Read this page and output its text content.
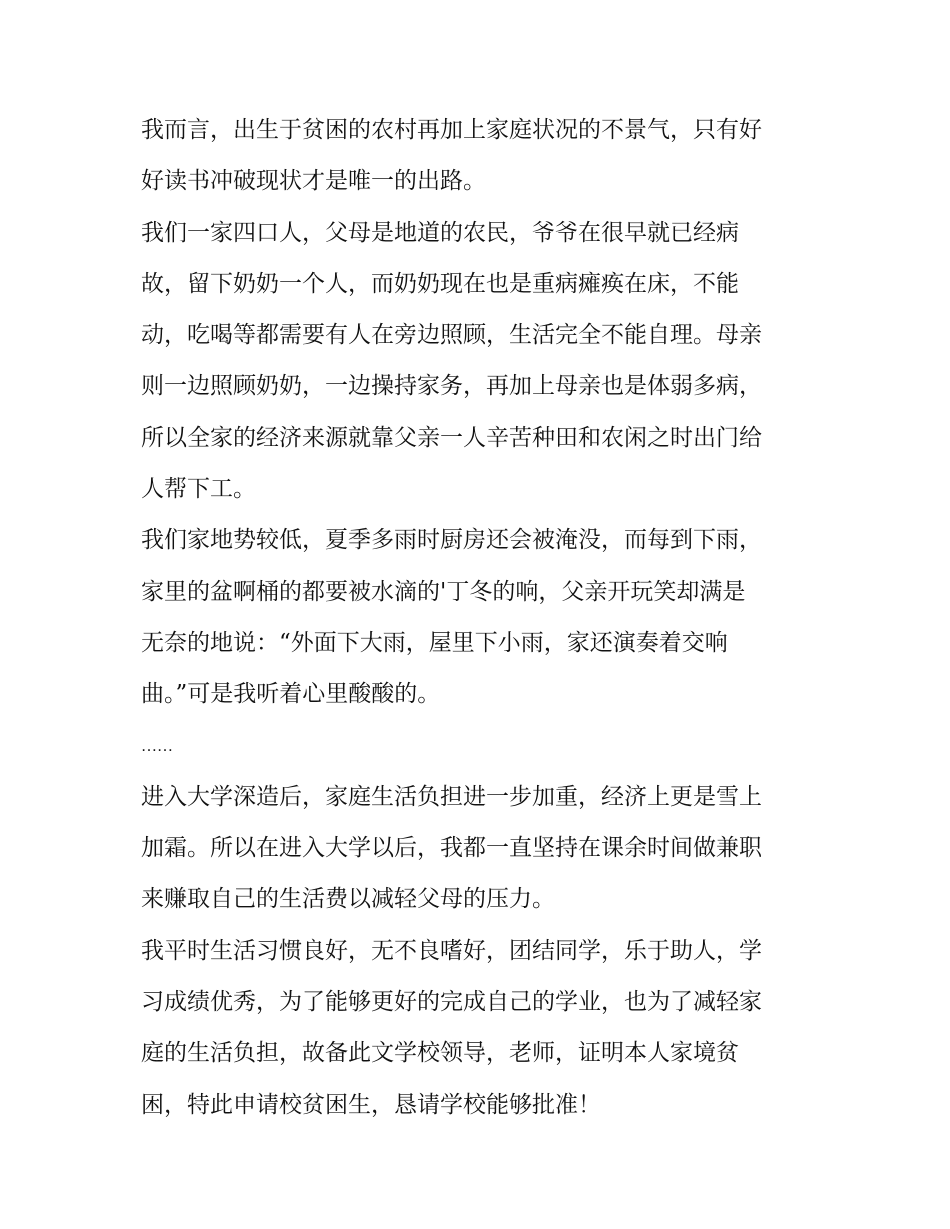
我而言，出生于贫困的农村再加上家庭状况的不景气，只有好
好读书冲破现状才是唯一的出路。
我们一家四口人，父母是地道的农民，爷爷在很早就已经病
故，留下奶奶一个人，而奶奶现在也是重病瘫痪在床，不能
动，吃喝等都需要有人在旁边照顾，生活完全不能自理。母亲
则一边照顾奶奶，一边操持家务，再加上母亲也是体弱多病，
所以全家的经济来源就靠父亲一人辛苦种田和农闲之时出门给
人帮下工。
我们家地势较低，夏季多雨时厨房还会被淹没，而每到下雨，
家里的盆啊桶的都要被水滴的'丁冬的响，父亲开玩笑却满是
无奈的地说：“外面下大雨，屋里下小雨，家还演奏着交响
曲。”可是我听着心里酸酸的。
……
进入大学深造后，家庭生活负担进一步加重，经济上更是雪上
加霜。所以在进入大学以后，我都一直坚持在课余时间做兼职
来赚取自己的生活费以减轻父母的压力。
我平时生活习惯良好，无不良嗜好，团结同学，乐于助人，学
习成绩优秀，为了能够更好的完成自己的学业，也为了减轻家
庭的生活负担，故备此文学校领导，老师，证明本人家境贫
困，特此申请校贫困生，恳请学校能够批准！
